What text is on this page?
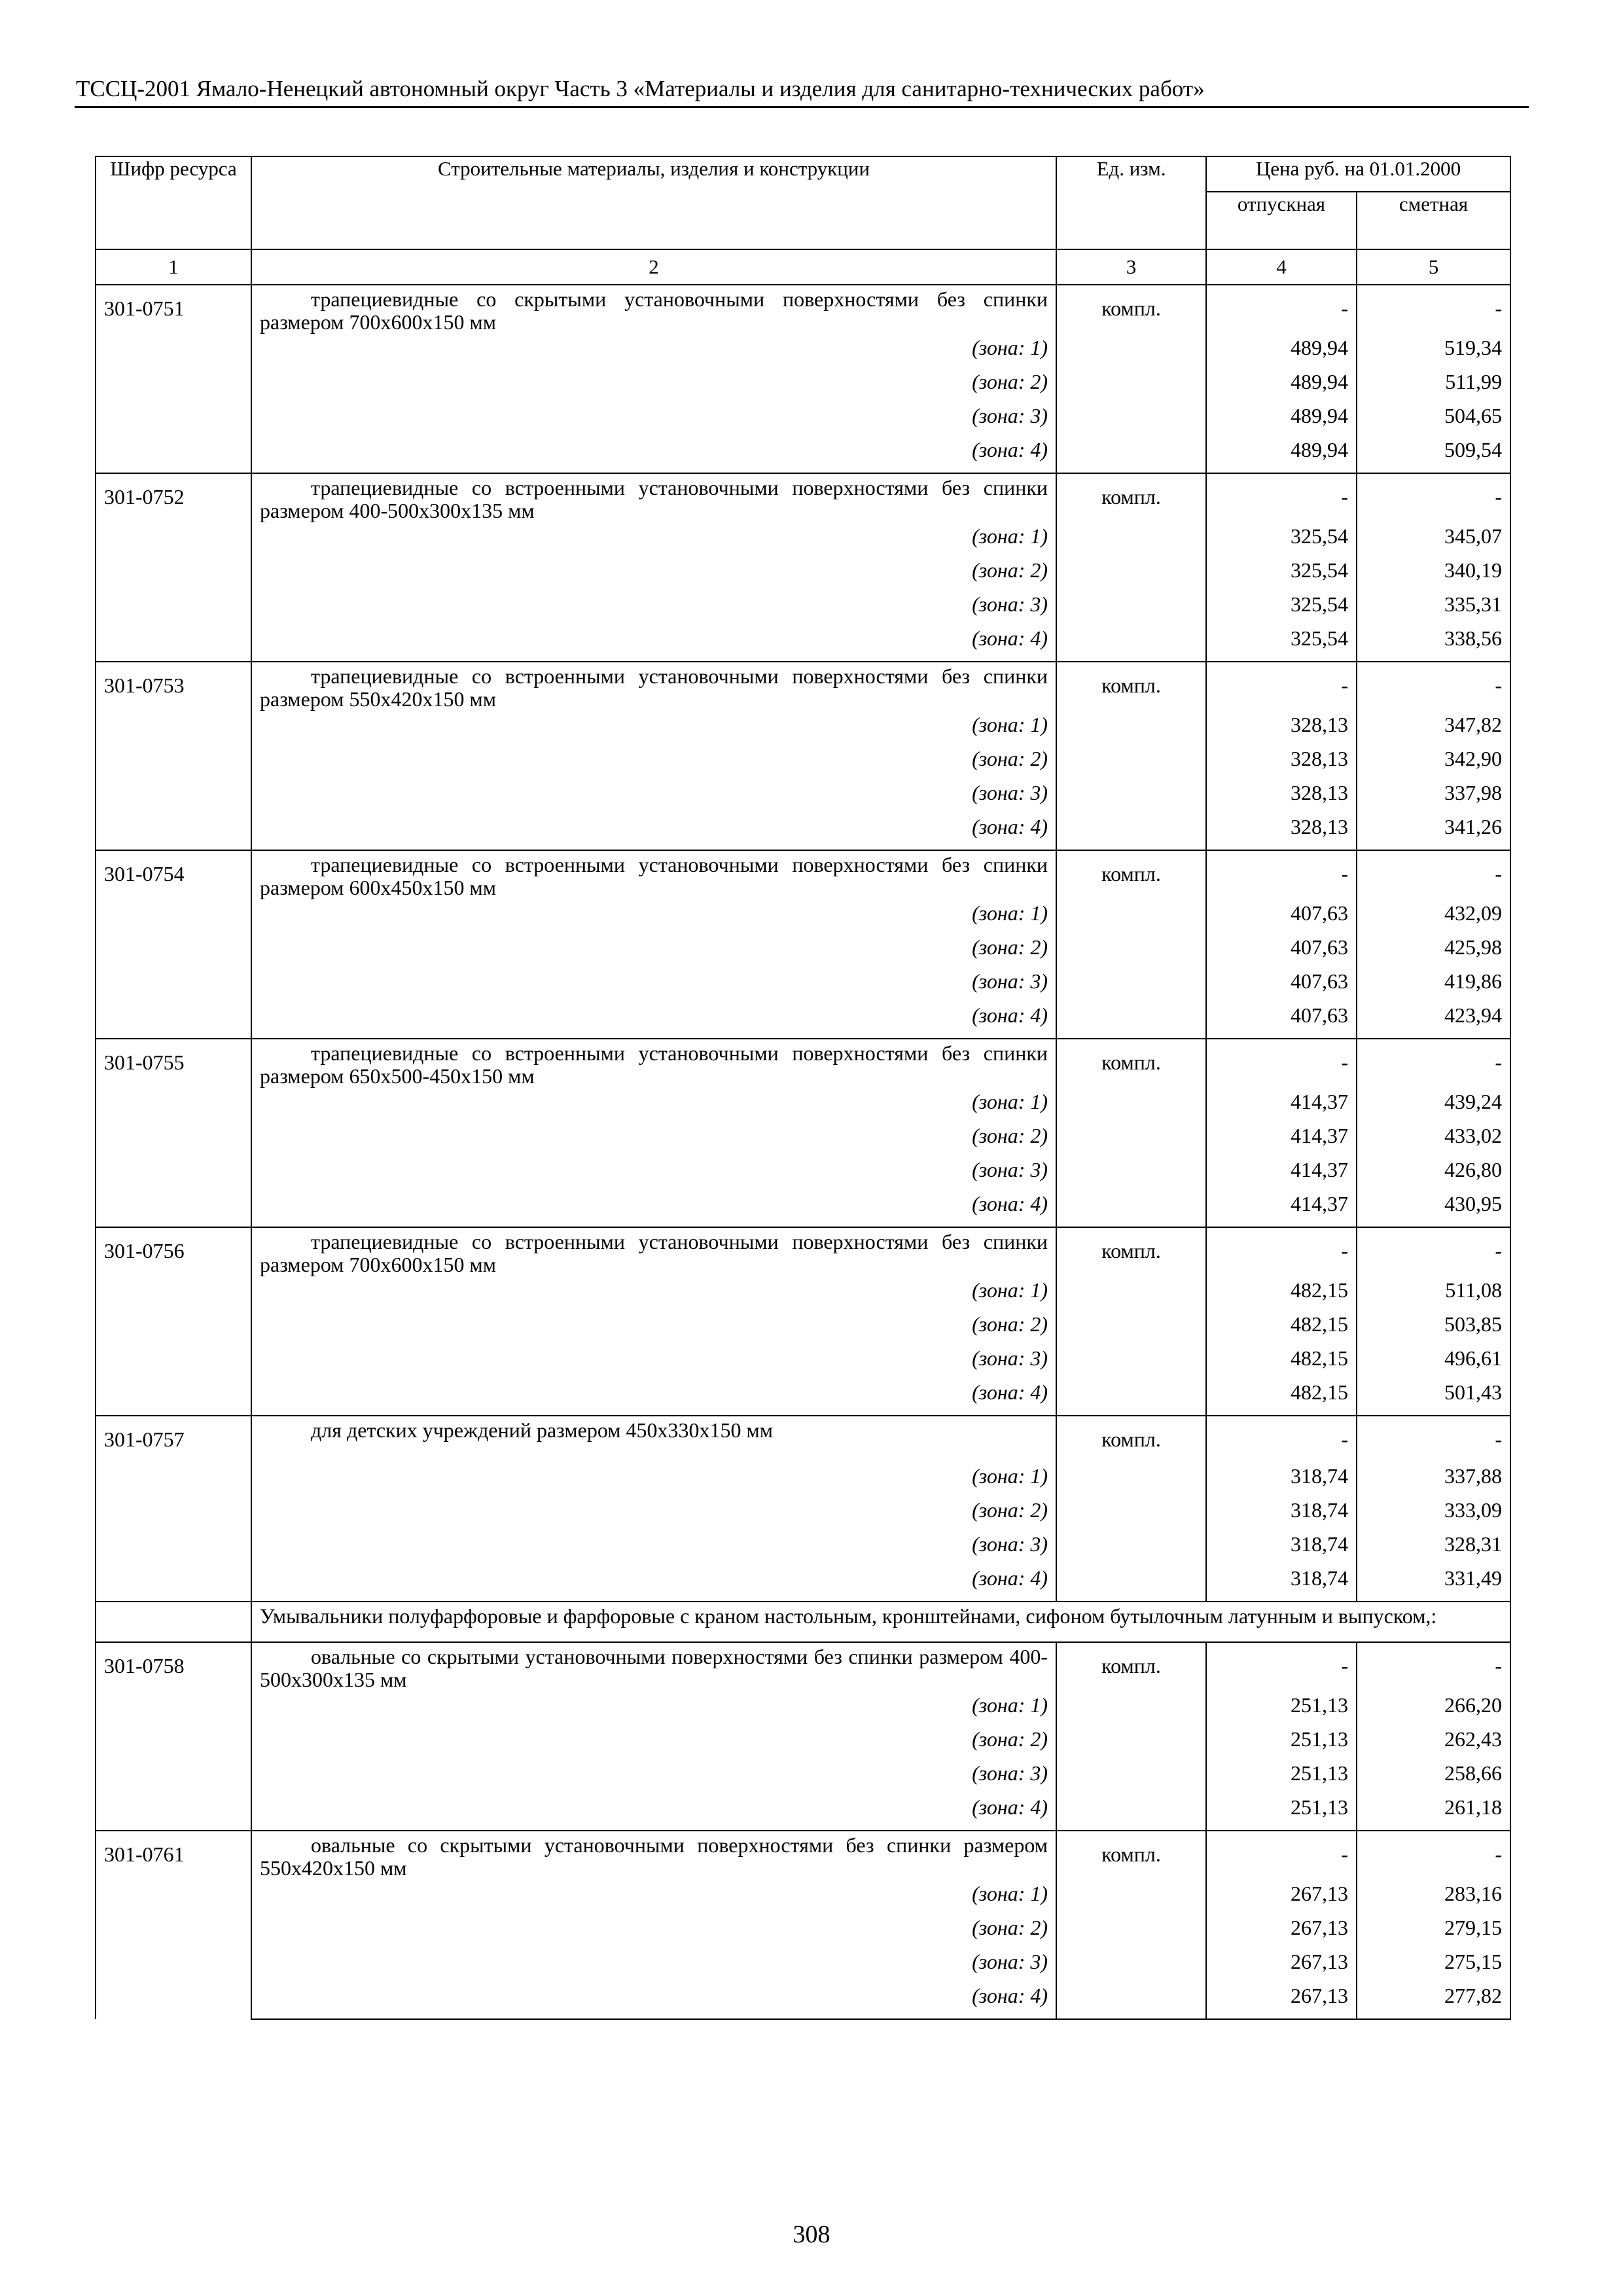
ТССЦ-2001 Ямало-Ненецкий автономный округ Часть 3 «Материалы и изделия для санитарно-технических работ»
Шифр ресурса	Строительные материалы, изделия и конструкции	Ед. изм.	Цена руб. на 01.01.2000	
			отпускная	сметная
1	2	3	4	5
301-0751	трапециевидные со скрытыми установочными поверхностями без спинки размером 700x600x150 мм	компл.	-	-
	(зона: 1)		489,94	519,34
	(зона: 2)		489,94	511,99
	(зона: 3)		489,94	504,65
	(зона: 4)		489,94	509,54
301-0752	трапециевидные со встроенными установочными поверхностями без спинки размером 400-500x300x135 мм	компл.	-	-
	(зона: 1)		325,54	345,07
	(зона: 2)		325,54	340,19
	(зона: 3)		325,54	335,31
	(зона: 4)		325,54	338,56
301-0753	трапециевидные со встроенными установочными поверхностями без спинки размером 550x420x150 мм	компл.	-	-
	(зона: 1)		328,13	347,82
	(зона: 2)		328,13	342,90
	(зона: 3)		328,13	337,98
	(зона: 4)		328,13	341,26
301-0754	трапециевидные со встроенными установочными поверхностями без спинки размером 600x450x150 мм	компл.	-	-
	(зона: 1)		407,63	432,09
	(зона: 2)		407,63	425,98
	(зона: 3)		407,63	419,86
	(зона: 4)		407,63	423,94
301-0755	трапециевидные со встроенными установочными поверхностями без спинки размером 650x500-450x150 мм	компл.	-	-
	(зона: 1)		414,37	439,24
	(зона: 2)		414,37	433,02
	(зона: 3)		414,37	426,80
	(зона: 4)		414,37	430,95
301-0756	трапециевидные со встроенными установочными поверхностями без спинки размером 700x600x150 мм	компл.	-	-
	(зона: 1)		482,15	511,08
	(зона: 2)		482,15	503,85
	(зона: 3)		482,15	496,61
	(зона: 4)		482,15	501,43
301-0757	для детских учреждений размером 450x330x150 мм	компл.	-	-
	(зона: 1)		318,74	337,88
	(зона: 2)		318,74	333,09
	(зона: 3)		318,74	328,31
	(зона: 4)		318,74	331,49
	Умывальники полуфарфоровые и фарфоровые с краном настольным, кронштейнами, сифоном бутылочным латунным и выпуском,:			
301-0758	овальные со скрытыми установочными поверхностями без спинки размером 400-500x300x135 мм	компл.	-	-
	(зона: 1)		251,13	266,20
	(зона: 2)		251,13	262,43
	(зона: 3)		251,13	258,66
	(зона: 4)		251,13	261,18
301-0761	овальные со скрытыми установочными поверхностями без спинки размером 550x420x150 мм	компл.	-	-
	(зона: 1)		267,13	283,16
	(зона: 2)		267,13	279,15
	(зона: 3)		267,13	275,15
	(зона: 4)		267,13	277,82
308
